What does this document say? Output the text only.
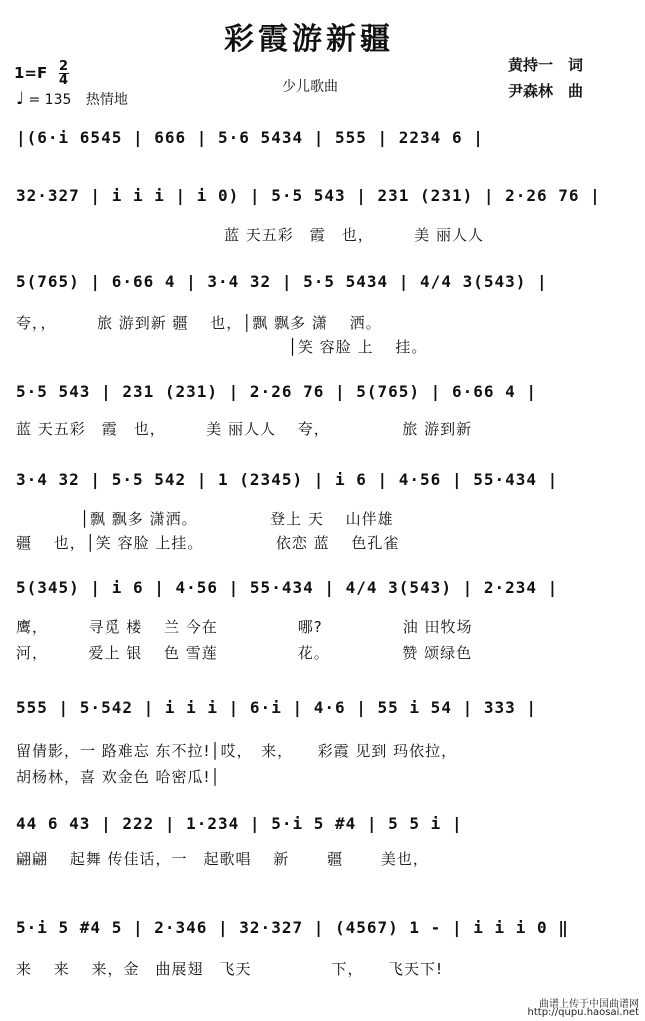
彩霞游新疆
$1=F \frac{2}{4}$
♩ = 135 热情地
少儿歌曲
黄持一　词
尹森林　曲
|(6·i 6545 | 666 | 5·6 5434 | 555 | 2234 6 |
32·327 | i i i | i 0) | 5·5 543 | 231 (231) | 2·26 76 |
　　　　　　　　　　　　　蓝 天五彩　霞　也，　　　美 丽人人
5(765) | 6·66 4 | 3·4 32 | 5·5 5434 | 4/4 3(543) |
夸，，　　　旅 游到新 疆　 也，│飘 飘多 潇　 洒。
　　　　　　　　　　　　　　　　　│笑 容脸 上　 挂。
5·5 543 | 231 (231) | 2·26 76 | 5(765) | 6·66 4 |
蓝 天五彩　霞　也，　　　美 丽人人　 夸，　　　　　旅 游到新
3·4 32 | 5·5 542 | 1 (2345) | i 6 | 4·56 | 55·434 |
　　　　│飘 飘多 潇洒。　　　　　登上 天　 山伴雄
疆　 也，│笑 容脸 上挂。　　　　　依恋 蓝　 色孔雀
5(345) | i 6 | 4·56 | 55·434 | 4/4 3(543) | 2·234 |
鹰，　　　寻觅 楼　 兰 今在　　　　　哪?　　　　　油 田牧场
河，　　　爱上 银　 色 雪莲　　　　　花。　　　　　赞 颂绿色
555 | 5·542 | i i i | 6·i | 4·6 | 55 i 54 | 333 |
留倩影，一 路难忘 东不拉!│哎，　来，　　彩霞 见到 玛依拉，
胡杨林，喜 欢金色 哈密瓜!│
44 6 43 | 222 | 1·234 | 5·i 5 #4 | 5 5 i |
翩翩　 起舞 传佳话，一　起歌唱　 新　　 疆　　 美也，
5·i 5 #4 5 | 2·346 | 32·327 | (4567) 1 - | i i i 0 ‖
来　 来　 来，金　曲展翅　飞天　　　　　下，　　飞天下!
曲谱上传于中国曲谱网
http://qupu.haosai.net
